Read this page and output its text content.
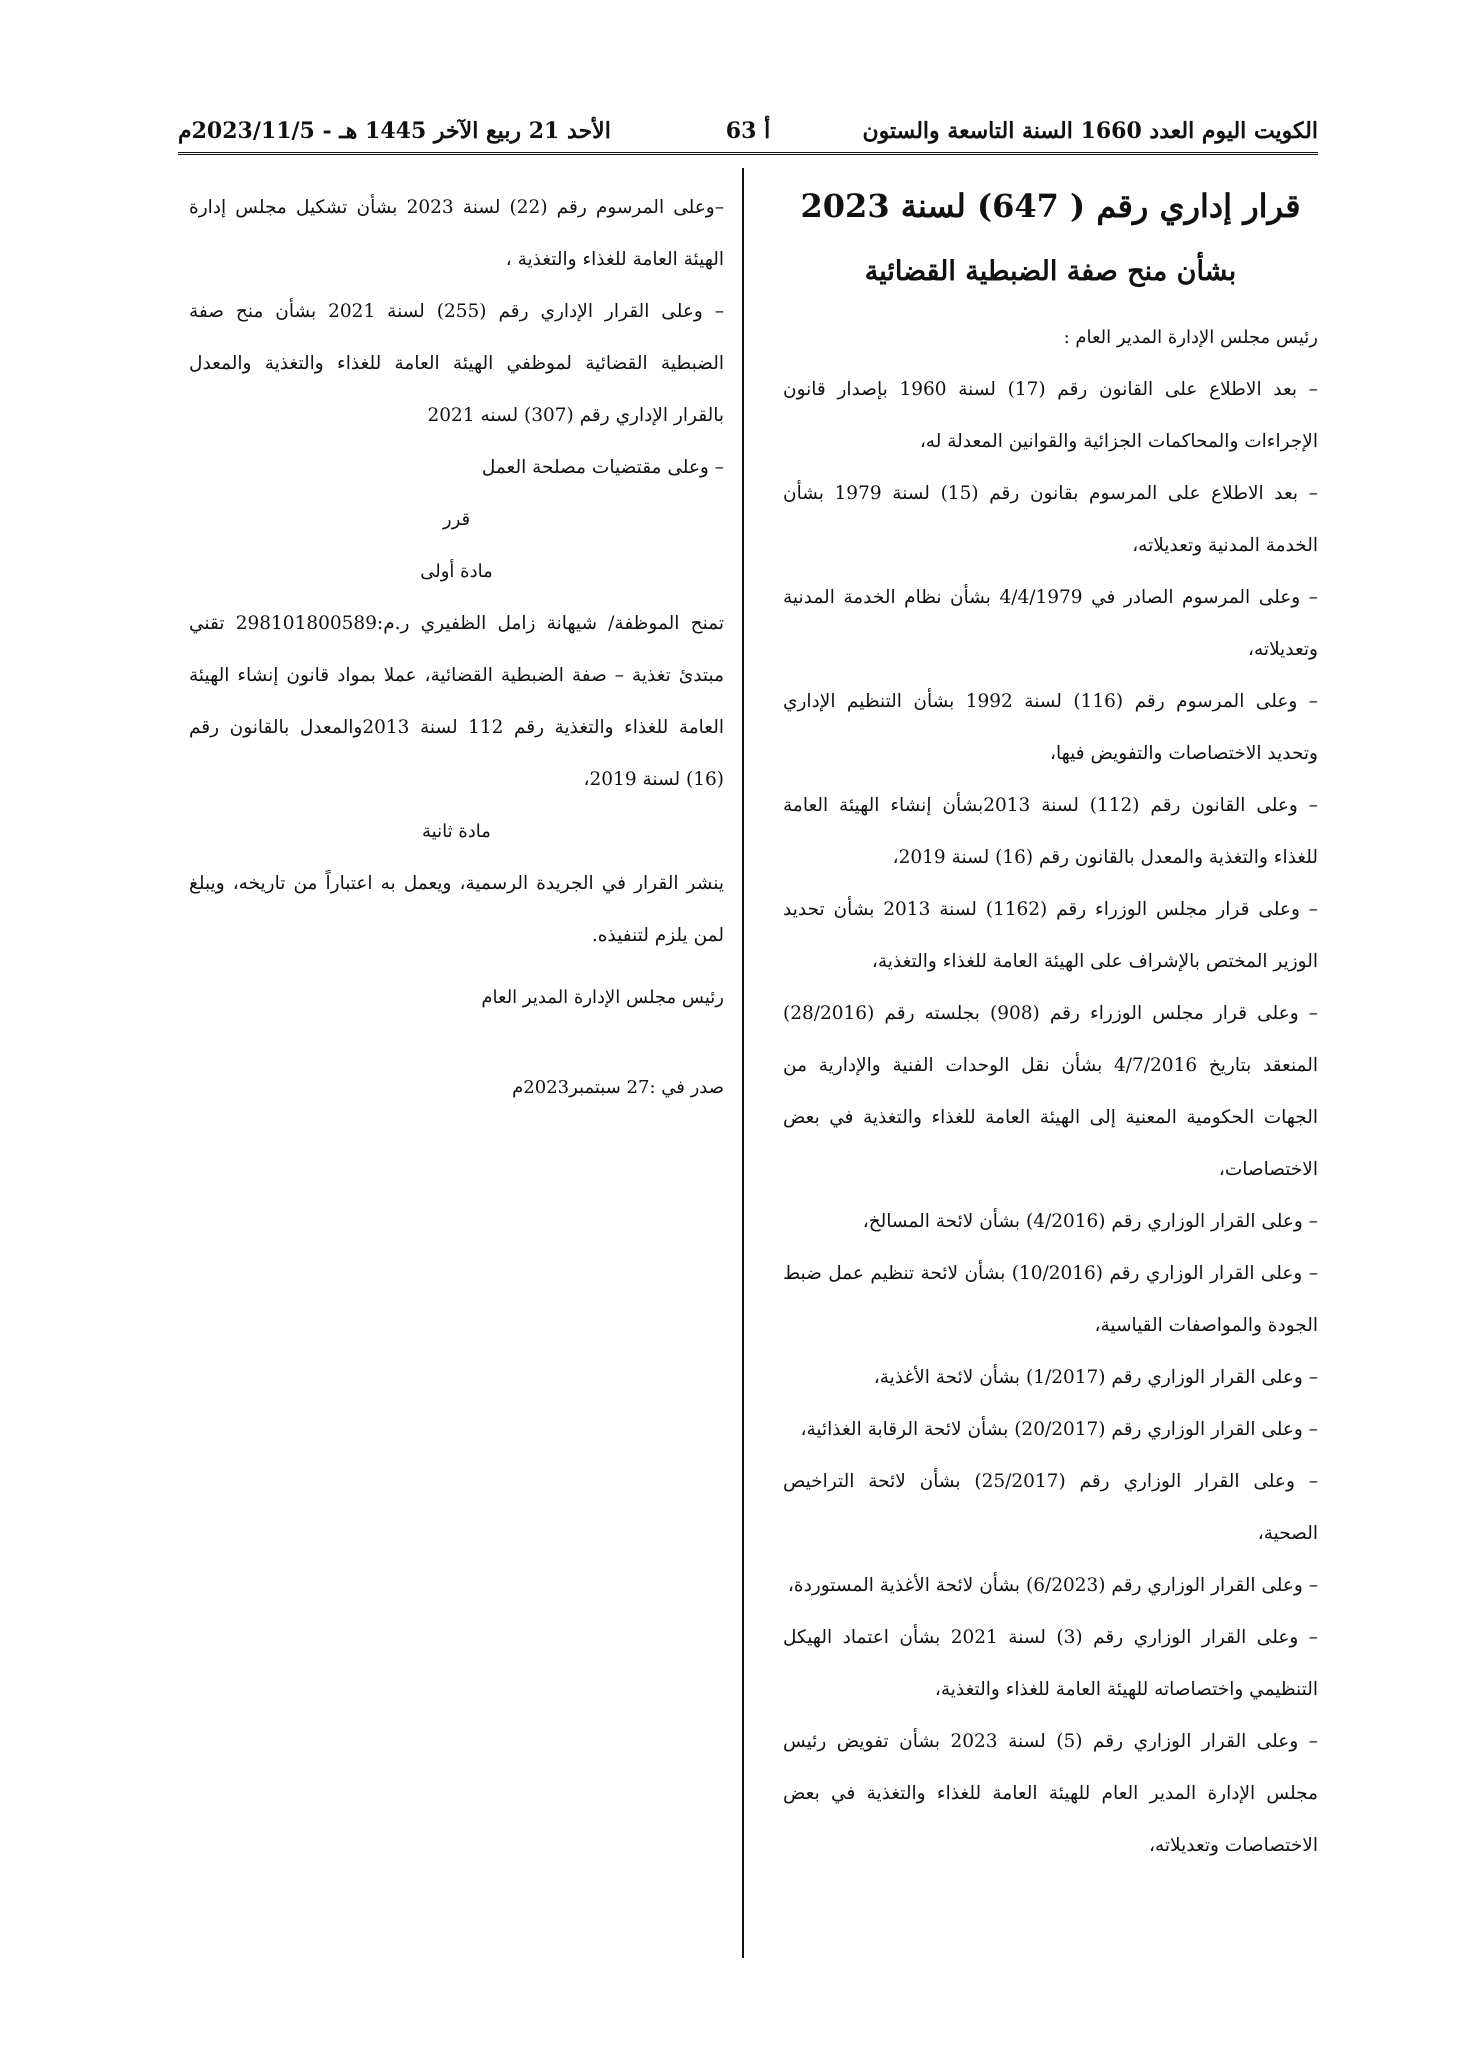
الكويت اليوم العدد 1660 السنة التاسعة والستون
أ 63
الأحد 21 ربيع الآخر 1445 هـ - 2023/11/5م
قرار إداري رقم ( 647) لسنة 2023
بشأن منح صفة الضبطية القضائية

رئيس مجلس الإدارة المدير العام :

– بعد الاطلاع على القانون رقم (17) لسنة 1960 بإصدار قانون الإجراءات والمحاكمات الجزائية والقوانين المعدلة له،

– بعد الاطلاع على المرسوم بقانون رقم (15) لسنة 1979 بشأن الخدمة المدنية وتعديلاته،

– وعلى المرسوم الصادر في 4/4/1979 بشأن نظام الخدمة المدنية وتعديلاته،

– وعلى المرسوم رقم (116) لسنة 1992 بشأن التنظيم الإداري وتحديد الاختصاصات والتفويض فيها،

– وعلى القانون رقم (112) لسنة 2013بشأن إنشاء الهيئة العامة للغذاء والتغذية والمعدل بالقانون رقم (16) لسنة 2019،

– وعلى قرار مجلس الوزراء رقم (1162) لسنة 2013 بشأن تحديد الوزير المختص بالإشراف على الهيئة العامة للغذاء والتغذية،

– وعلى قرار مجلس الوزراء رقم (908) بجلسته رقم (28/2016) المنعقد بتاريخ 4/7/2016 بشأن نقل الوحدات الفنية والإدارية من الجهات الحكومية المعنية إلى الهيئة العامة للغذاء والتغذية في بعض الاختصاصات،

– وعلى القرار الوزاري رقم (4/2016) بشأن لائحة المسالخ،

– وعلى القرار الوزاري رقم (10/2016) بشأن لائحة تنظيم عمل ضبط الجودة والمواصفات القياسية،

– وعلى القرار الوزاري رقم (1/2017) بشأن لائحة الأغذية،

– وعلى القرار الوزاري رقم (20/2017) بشأن لائحة الرقابة الغذائية،

– وعلى القرار الوزاري رقم (25/2017) بشأن لائحة التراخيص الصحية،

– وعلى القرار الوزاري رقم (6/2023) بشأن لائحة الأغذية المستوردة،

– وعلى القرار الوزاري رقم (3) لسنة 2021 بشأن اعتماد الهيكل التنظيمي واختصاصاته للهيئة العامة للغذاء والتغذية،

– وعلى القرار الوزاري رقم (5) لسنة 2023 بشأن تفويض رئيس مجلس الإدارة المدير العام للهيئة العامة للغذاء والتغذية في بعض الاختصاصات وتعديلاته،

–وعلى المرسوم رقم (22) لسنة 2023 بشأن تشكيل مجلس إدارة الهيئة العامة للغذاء والتغذية ،

– وعلى القرار الإداري رقم (255) لسنة 2021 بشأن منح صفة الضبطية القضائية لموظفي الهيئة العامة للغذاء والتغذية والمعدل بالقرار الإداري رقم (307) لسنه 2021

– وعلى مقتضيات مصلحة العمل

قرر

مادة أولى

تمنح الموظفة/ شيهانة زامل الظفيري ر.م:298101800589 تقني مبتدئ تغذية – صفة الضبطية القضائية، عملا بمواد قانون إنشاء الهيئة العامة للغذاء والتغذية رقم 112 لسنة 2013والمعدل بالقانون رقم (16) لسنة 2019،

مادة ثانية

ينشر القرار في الجريدة الرسمية، ويعمل به اعتباراً من تاريخه، ويبلغ لمن يلزم لتنفيذه.

رئيس مجلس الإدارة المدير العام

صدر في :27 سبتمبر2023م
